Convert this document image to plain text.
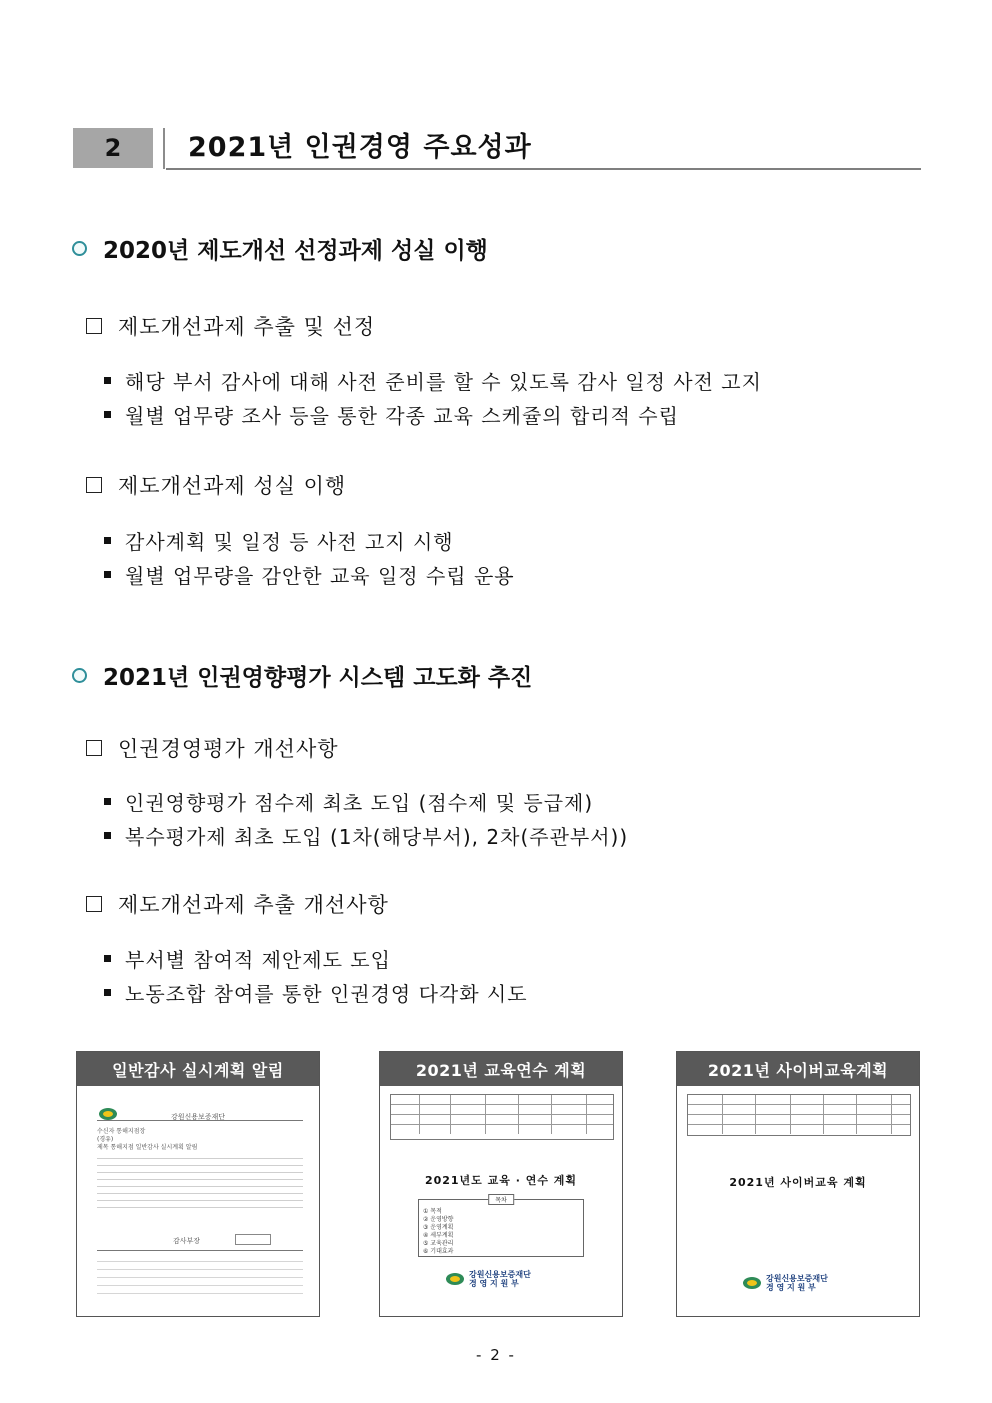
2	2021년 인권경영 주요성과
2020년 제도개선 선정과제 성실 이행
제도개선과제 추출 및 선정
해당 부서 감사에 대해 사전 준비를 할 수 있도록 감사 일정 사전 고지
월별 업무량 조사 등을 통한 각종 교육 스케쥴의 합리적 수립
제도개선과제 성실 이행
감사계획 및 일정 등 사전 고지 시행
월별 업무량을 감안한 교육 일정 수립 운용
2021년 인권영향평가 시스템 고도화 추진
인권경영평가 개선사항
인권영향평가 점수제 최초 도입 (점수제 및 등급제)
복수평가제 최초 도입 (1차(해당부서), 2차(주관부서))
제도개선과제 추출 개선사항
부서별 참여적 제안제도 도입
노동조합 참여를 통한 인권경영 다각화 시도
일반감사 실시계획 알림
강원신용보증재단
수신자 통해지점장
(경유)
제목 통해지점 일반감사 실시계획 알림
감사부장
2021년 교육연수 계획
2021년도 교육 · 연수 계획
목차
① 목적
② 운영방향
③ 운영계획
④ 세부계획
⑤ 교육관리
⑥ 기대효과
강원신용보증재단
경 영 지 원 부
2021년 사이버교육계획
2021년 사이버교육 계획
강원신용보증재단
경 영 지 원 부
- 2 -
